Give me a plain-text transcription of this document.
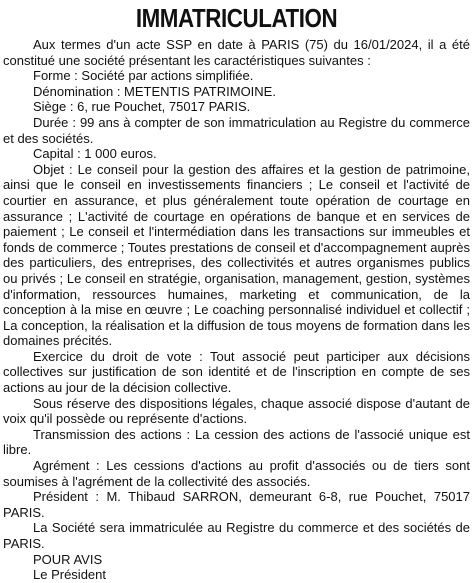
IMMATRICULATION

Aux termes d'un acte SSP en date à PARIS (75) du 16/01/2024, il a été constitué une société présentant les caractéristiques suivantes :

Forme : Société par actions simplifiée.

Dénomination : METENTIS PATRIMOINE.

Siège : 6, rue Pouchet, 75017 PARIS.

Durée : 99 ans à compter de son immatriculation au Registre du commerce et des sociétés.

Capital : 1 000 euros.

Objet : Le conseil pour la gestion des affaires et la gestion de patrimoine, ainsi que le conseil en investissements financiers ; Le conseil et l'activité de courtier en assurance, et plus généralement toute opération de courtage en assurance ; L'activité de courtage en opérations de banque et en services de paiement ; Le conseil et l'intermédiation dans les transactions sur immeubles et fonds de commerce ; Toutes prestations de conseil et d'accompagnement auprès des particuliers, des entreprises, des collectivités et autres organismes publics ou privés ; Le conseil en stratégie, organisation, management, gestion, systèmes d'information, ressources humaines, marketing et communication, de la conception à la mise en œuvre ; Le coaching personnalisé individuel et collectif ; La conception, la réalisation et la diffusion de tous moyens de formation dans les domaines précités.

Exercice du droit de vote : Tout associé peut participer aux décisions collectives sur justification de son identité et de l'inscription en compte de ses actions au jour de la décision collective.

Sous réserve des dispositions légales, chaque associé dispose d'autant de voix qu'il possède ou représente d'actions.

Transmission des actions : La cession des actions de l'associé unique est libre.

Agrément : Les cessions d'actions au profit d'associés ou de tiers sont soumises à l'agrément de la collectivité des associés.

Président : M. Thibaud SARRON, demeurant 6-8, rue Pouchet, 75017 PARIS.

La Société sera immatriculée au Registre du commerce et des sociétés de PARIS.

POUR AVIS

Le Président
